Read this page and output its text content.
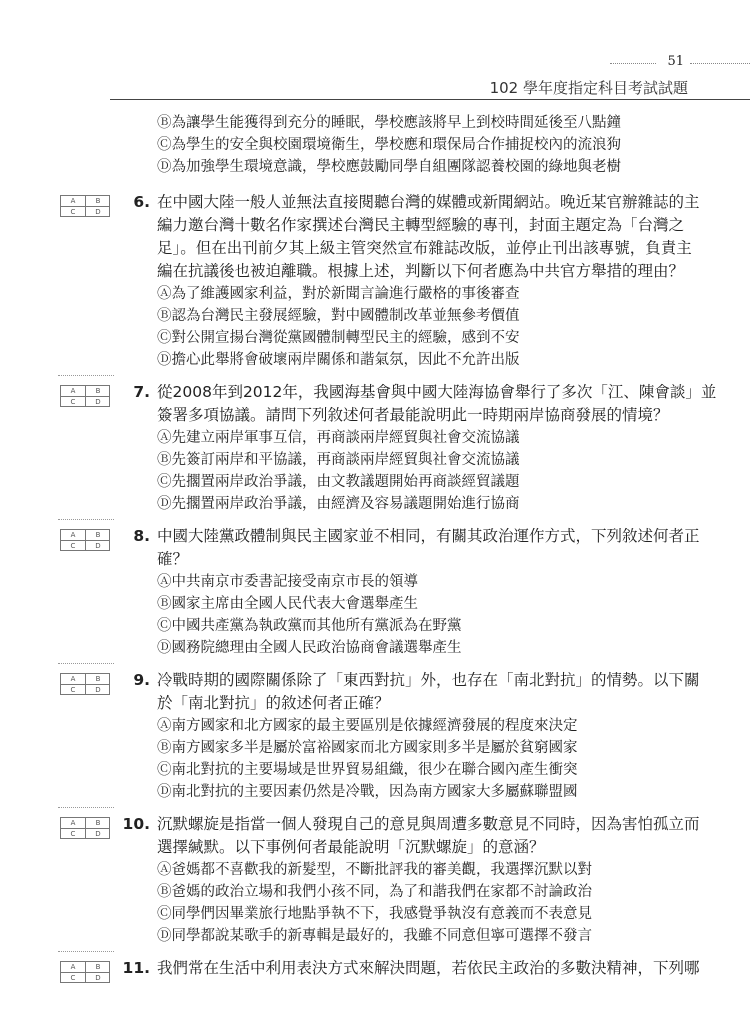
51
102 學年度指定科目考試試題
Ⓑ為讓學生能獲得到充分的睡眠，學校應該將早上到校時間延後至八點鐘
Ⓒ為學生的安全與校園環境衛生，學校應和環保局合作捕捉校內的流浪狗
Ⓓ為加強學生環境意識，學校應鼓勵同學自組團隊認養校園的綠地與老樹
A	B
C	D
6. 在中國大陸一般人並無法直接閱聽台灣的媒體或新聞網站。晚近某官辦雜誌的主
編力邀台灣十數名作家撰述台灣民主轉型經驗的專刊，封面主題定為「台灣之
足」。但在出刊前夕其上級主管突然宣布雜誌改版，並停止刊出該專號，負責主
編在抗議後也被迫離職。根據上述，判斷以下何者應為中共官方舉措的理由？
Ⓐ為了維護國家利益，對於新聞言論進行嚴格的事後審查
Ⓑ認為台灣民主發展經驗，對中國體制改革並無參考價值
Ⓒ對公開宣揚台灣從黨國體制轉型民主的經驗，感到不安
Ⓓ擔心此舉將會破壞兩岸關係和諧氣氛，因此不允許出版
A	B
C	D
7. 從2008年到2012年，我國海基會與中國大陸海協會舉行了多次「江、陳會談」並
簽署多項協議。請問下列敘述何者最能說明此一時期兩岸協商發展的情境？
Ⓐ先建立兩岸軍事互信，再商談兩岸經貿與社會交流協議
Ⓑ先簽訂兩岸和平協議，再商談兩岸經貿與社會交流協議
Ⓒ先擱置兩岸政治爭議，由文教議題開始再商談經貿議題
Ⓓ先擱置兩岸政治爭議，由經濟及容易議題開始進行協商
A	B
C	D
8. 中國大陸黨政體制與民主國家並不相同，有關其政治運作方式，下列敘述何者正
確？
Ⓐ中共南京市委書記接受南京市長的領導
Ⓑ國家主席由全國人民代表大會選舉產生
Ⓒ中國共產黨為執政黨而其他所有黨派為在野黨
Ⓓ國務院總理由全國人民政治協商會議選舉產生
A	B
C	D
9. 冷戰時期的國際關係除了「東西對抗」外，也存在「南北對抗」的情勢。以下關
於「南北對抗」的敘述何者正確？
Ⓐ南方國家和北方國家的最主要區別是依據經濟發展的程度來決定
Ⓑ南方國家多半是屬於富裕國家而北方國家則多半是屬於貧窮國家
Ⓒ南北對抗的主要場域是世界貿易組織，很少在聯合國內產生衝突
Ⓓ南北對抗的主要因素仍然是冷戰，因為南方國家大多屬蘇聯盟國
A	B
C	D
10. 沉默螺旋是指當一個人發現自己的意見與周遭多數意見不同時，因為害怕孤立而
選擇緘默。以下事例何者最能說明「沉默螺旋」的意涵？
Ⓐ爸媽都不喜歡我的新髮型，不斷批評我的審美觀，我選擇沉默以對
Ⓑ爸媽的政治立場和我們小孩不同，為了和諧我們在家都不討論政治
Ⓒ同學們因畢業旅行地點爭執不下，我感覺爭執沒有意義而不表意見
Ⓓ同學都說某歌手的新專輯是最好的，我雖不同意但寧可選擇不發言
A	B
C	D
11. 我們常在生活中利用表決方式來解決問題，若依民主政治的多數決精神，下列哪
